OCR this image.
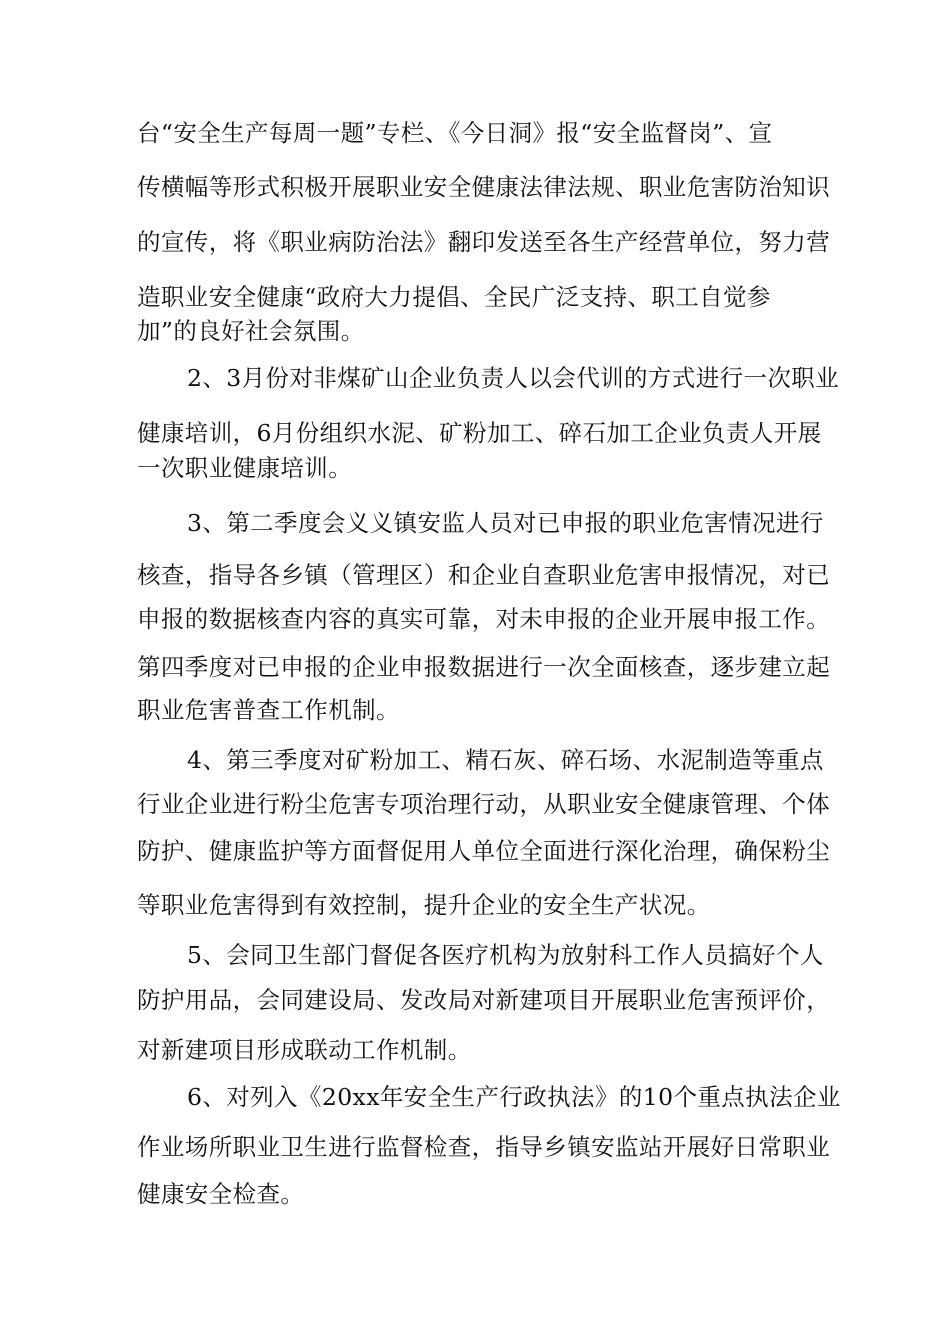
台“安全生产每周一题”专栏、《今日洞》报“安全监督岗”、宣
传横幅等形式积极开展职业安全健康法律法规、职业危害防治知识
的宣传，将《职业病防治法》翻印发送至各生产经营单位，努力营
造职业安全健康“政府大力提倡、全民广泛支持、职工自觉参
加”的良好社会氛围。
2、3月份对非煤矿山企业负责人以会代训的方式进行一次职业
健康培训，6月份组织水泥、矿粉加工、碎石加工企业负责人开展
一次职业健康培训。
3、第二季度会义义镇安监人员对已申报的职业危害情况进行
核查，指导各乡镇（管理区）和企业自查职业危害申报情况，对已
申报的数据核查内容的真实可靠，对未申报的企业开展申报工作。
第四季度对已申报的企业申报数据进行一次全面核查，逐步建立起
职业危害普查工作机制。
4、第三季度对矿粉加工、精石灰、碎石场、水泥制造等重点
行业企业进行粉尘危害专项治理行动，从职业安全健康管理、个体
防护、健康监护等方面督促用人单位全面进行深化治理，确保粉尘
等职业危害得到有效控制，提升企业的安全生产状况。
5、会同卫生部门督促各医疗机构为放射科工作人员搞好个人
防护用品，会同建设局、发改局对新建项目开展职业危害预评价，
对新建项目形成联动工作机制。
6、对列入《20xx年安全生产行政执法》的10个重点执法企业
作业场所职业卫生进行监督检查，指导乡镇安监站开展好日常职业
健康安全检查。
